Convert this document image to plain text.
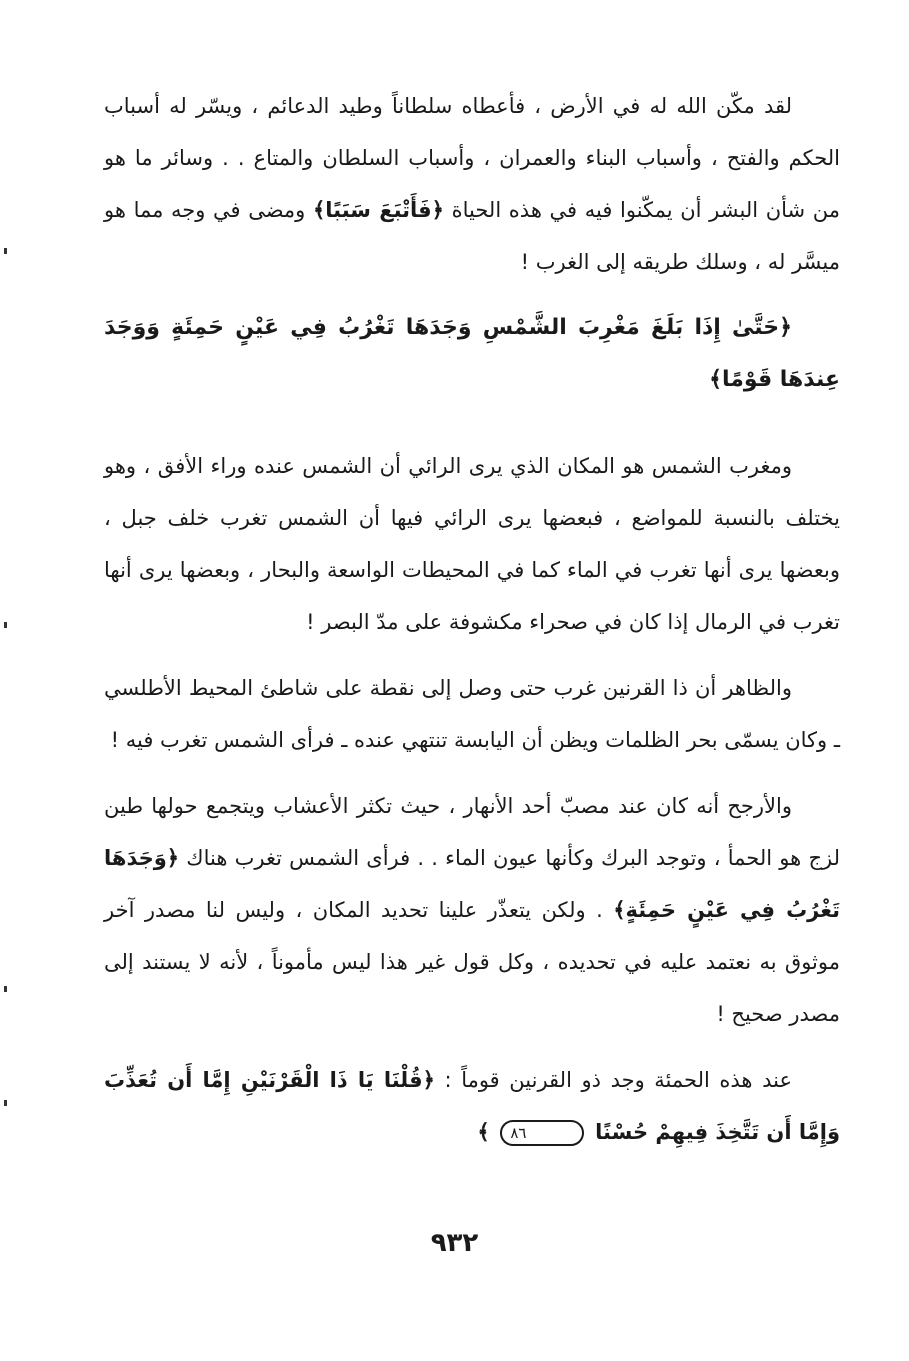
لقد مكّن الله له في الأرض ، فأعطاه سلطاناً وطيد الدعائم ، ويسّر له أسباب الحكم والفتح ، وأسباب البناء والعمران ، وأسباب السلطان والمتاع . . وسائر ما هو من شأن البشر أن يمكّنوا فيه في هذه الحياة ﴿فَأَتْبَعَ سَبَبًا﴾ ومضى في وجه مما هو ميسَّر له ، وسلك طريقه إلى الغرب !

﴿حَتَّىٰ إِذَا بَلَغَ مَغْرِبَ الشَّمْسِ وَجَدَهَا تَغْرُبُ فِي عَيْنٍ حَمِئَةٍ وَوَجَدَ عِندَهَا قَوْمًا﴾

ومغرب الشمس هو المكان الذي يرى الرائي أن الشمس عنده وراء الأفق ، وهو يختلف بالنسبة للمواضع ، فبعضها يرى الرائي فيها أن الشمس تغرب خلف جبل ، وبعضها يرى أنها تغرب في الماء كما في المحيطات الواسعة والبحار ، وبعضها يرى أنها تغرب في الرمال إذا كان في صحراء مكشوفة على مدّ البصر !

والظاهر أن ذا القرنين غرب حتى وصل إلى نقطة على شاطئ المحيط الأطلسي ـ وكان يسمّى بحر الظلمات ويظن أن اليابسة تنتهي عنده ـ فرأى الشمس تغرب فيه !

والأرجح أنه كان عند مصبّ أحد الأنهار ، حيث تكثر الأعشاب ويتجمع حولها طين لزج هو الحمأ ، وتوجد البرك وكأنها عيون الماء . . فرأى الشمس تغرب هناك ﴿وَجَدَهَا تَغْرُبُ فِي عَيْنٍ حَمِئَةٍ﴾ . ولكن يتعذّر علينا تحديد المكان ، وليس لنا مصدر آخر موثوق به نعتمد عليه في تحديده ، وكل قول غير هذا ليس مأموناً ، لأنه لا يستند إلى مصدر صحيح !

عند هذه الحمئة وجد ذو القرنين قوماً : ﴿قُلْنَا يَا ذَا الْقَرْنَيْنِ إِمَّا أَن تُعَذِّبَ وَإِمَّا أَن تَتَّخِذَ فِيهِمْ حُسْنًا ٨٦ ﴾

٩٣٢
